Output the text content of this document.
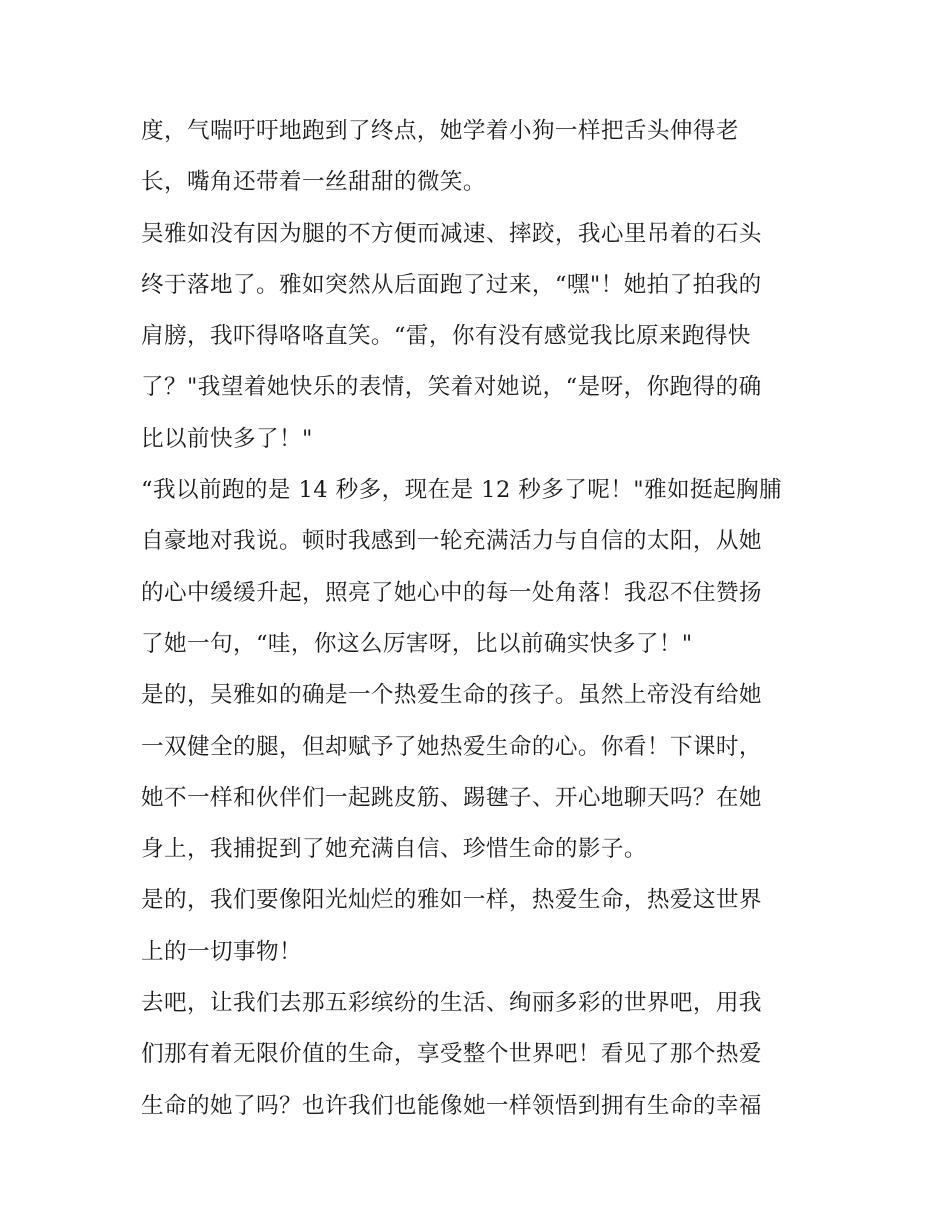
度，气喘吁吁地跑到了终点，她学着小狗一样把舌头伸得老
长，嘴角还带着一丝甜甜的微笑。
吴雅如没有因为腿的不方便而减速、摔跤，我心里吊着的石头
终于落地了。雅如突然从后面跑了过来，“嘿"！她拍了拍我的
肩膀，我吓得咯咯直笑。“雷，你有没有感觉我比原来跑得快
了？"我望着她快乐的表情，笑着对她说，“是呀，你跑得的确
比以前快多了！"
“我以前跑的是 14 秒多，现在是 12 秒多了呢！"雅如挺起胸脯
自豪地对我说。顿时我感到一轮充满活力与自信的太阳，从她
的心中缓缓升起，照亮了她心中的每一处角落！我忍不住赞扬
了她一句，“哇，你这么厉害呀，比以前确实快多了！"
是的，吴雅如的确是一个热爱生命的孩子。虽然上帝没有给她
一双健全的腿，但却赋予了她热爱生命的心。你看！下课时，
她不一样和伙伴们一起跳皮筋、踢毽子、开心地聊天吗？在她
身上，我捕捉到了她充满自信、珍惜生命的影子。
是的，我们要像阳光灿烂的雅如一样，热爱生命，热爱这世界
上的一切事物！
去吧，让我们去那五彩缤纷的生活、绚丽多彩的世界吧，用我
们那有着无限价值的生命，享受整个世界吧！看见了那个热爱
生命的她了吗？也许我们也能像她一样领悟到拥有生命的幸福
